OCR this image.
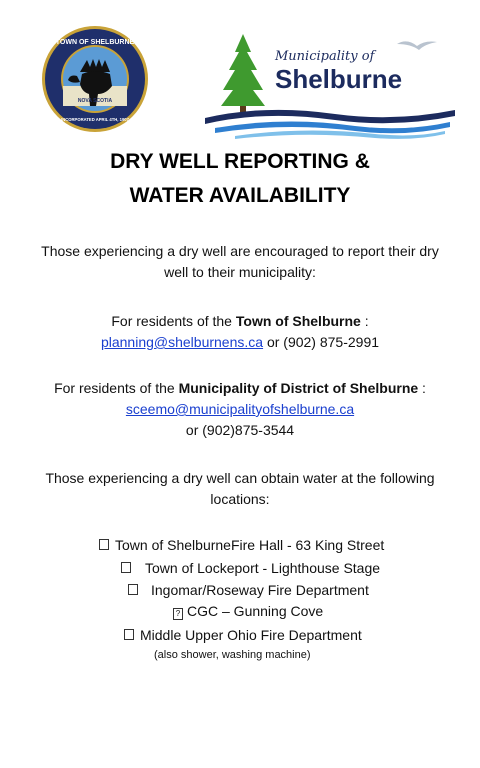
TOWN OF SHELBURNE
NOVA SCOTIA
INCORPORATED APRIL 4TH, 1907
Municipality of
Shelburne
DRY WELL REPORTING &
WATER AVAILABILITY
Those experiencing a dry well are encouraged to report their dry
well to their municipality:
For residents of the Town of Shelburne :
planning@shelburnens.ca or (902) 875-2991
For residents of the Municipality of District of Shelburne :
sceemo@municipalityofshelburne.ca
or (902)875-3544
Those experiencing a dry well can obtain water at the following
locations:
Town of ShelburneFire Hall - 63 King Street
Town of Lockeport - Lighthouse Stage
Ingomar/Roseway Fire Department
? CGC – Gunning Cove
Middle Upper Ohio Fire Department
(also shower, washing machine)
